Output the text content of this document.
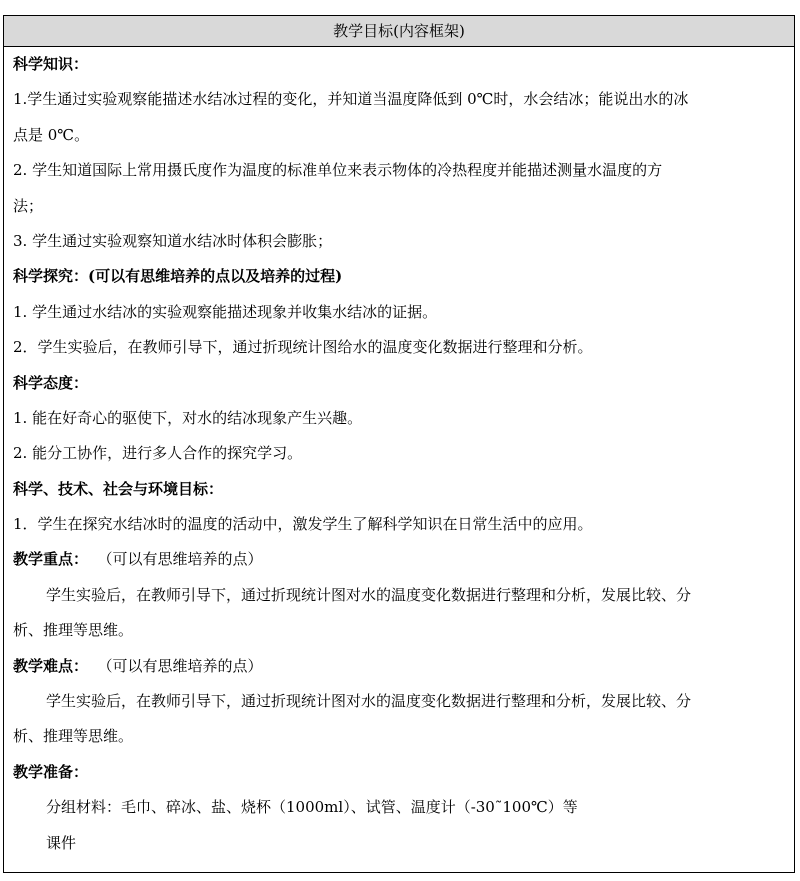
教学目标(内容框架)
科学知识：
1.学生通过实验观察能描述水结冰过程的变化，并知道当温度降低到 0℃时，水会结冰；能说出水的冰
点是 0℃。
2. 学生知道国际上常用摄氏度作为温度的标准单位来表示物体的冷热程度并能描述测量水温度的方
法；
3. 学生通过实验观察知道水结冰时体积会膨胀；
科学探究：(可以有思维培养的点以及培养的过程)
1. 学生通过水结冰的实验观察能描述现象并收集水结冰的证据。
2．学生实验后，在教师引导下，通过折现统计图给水的温度变化数据进行整理和分析。
科学态度：
1. 能在好奇心的驱使下，对水的结冰现象产生兴趣。
2. 能分工协作，进行多人合作的探究学习。
科学、技术、社会与环境目标：
1．学生在探究水结冰时的温度的活动中，激发学生了解科学知识在日常生活中的应用。
教学重点：  （可以有思维培养的点）
学生实验后，在教师引导下，通过折现统计图对水的温度变化数据进行整理和分析，发展比较、分
析、推理等思维。
教学难点：  （可以有思维培养的点）
学生实验后，在教师引导下，通过折现统计图对水的温度变化数据进行整理和分析，发展比较、分
析、推理等思维。
教学准备：
分组材料：毛巾、碎冰、盐、烧杯（1000ml）、试管、温度计（-30˜100℃）等
课件
